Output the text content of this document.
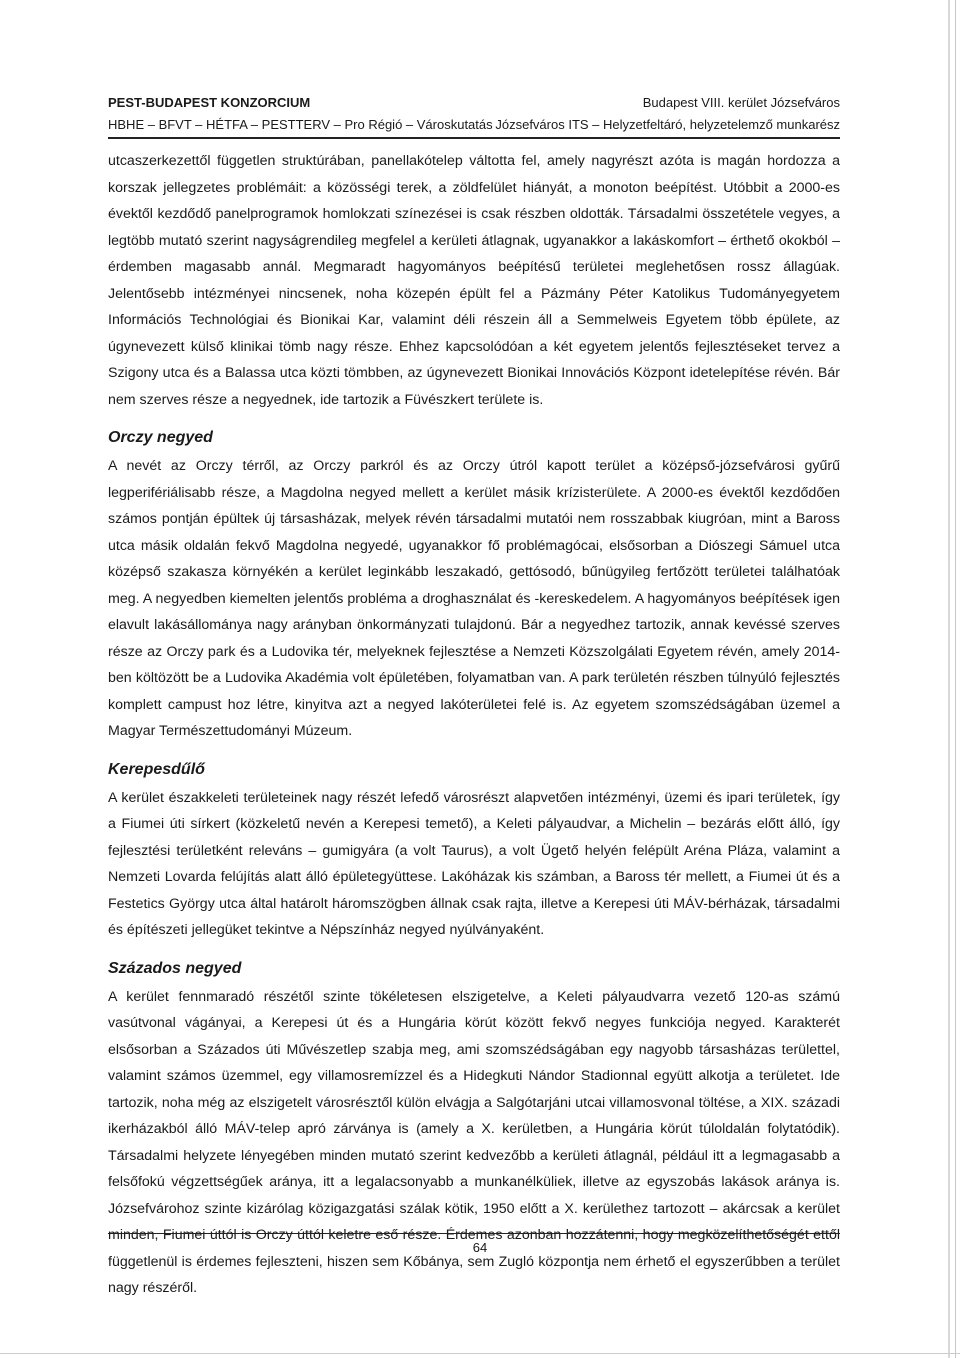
PEST-BUDAPEST KONZORCIUM
HBHE – BFVT – HÉTFA – PESTTERV – Pro Régió – Városkutatás
Budapest VIII. kerület Józsefváros
Józsefváros ITS – Helyzetfeltáró, helyzetelemző munkarész

utcaszerkezettől független struktúrában, panellakótelep váltotta fel, amely nagyrészt azóta is magán hordozza a korszak jellegzetes problémáit: a közösségi terek, a zöldfelület hiányát, a monoton beépítést. Utóbbit a 2000-es évektől kezdődő panelprogramok homlokzati színezései is csak részben oldották. Társadalmi összetétele vegyes, a legtöbb mutató szerint nagyságrendileg megfelel a kerületi átlagnak, ugyanakkor a lakáskomfort – érthető okokból – érdemben magasabb annál. Megmaradt hagyományos beépítésű területei meglehetősen rossz állagúak. Jelentősebb intézményei nincsenek, noha közepén épült fel a Pázmány Péter Katolikus Tudományegyetem Információs Technológiai és Bionikai Kar, valamint déli részein áll a Semmelweis Egyetem több épülete, az úgynevezett külső klinikai tömb nagy része. Ehhez kapcsolódóan a két egyetem jelentős fejlesztéseket tervez a Szigony utca és a Balassa utca közti tömbben, az úgynevezett Bionikai Innovációs Központ idetelepítése révén. Bár nem szerves része a negyednek, ide tartozik a Füvészkert területe is.

Orczy negyed

A nevét az Orczy térről, az Orczy parkról és az Orczy útról kapott terület a középső-józsefvárosi gyűrű legperifériálisabb része, a Magdolna negyed mellett a kerület másik krízisterülete. A 2000-es évektől kezdődően számos pontján épültek új társasházak, melyek révén társadalmi mutatói nem rosszabbak kiugróan, mint a Baross utca másik oldalán fekvő Magdolna negyedé, ugyanakkor fő problémagócai, elsősorban a Diószegi Sámuel utca középső szakasza környékén a kerület leginkább leszakadó, gettósodó, bűnügyileg fertőzött területei találhatóak meg. A negyedben kiemelten jelentős probléma a droghasználat és -kereskedelem. A hagyományos beépítések igen elavult lakásállománya nagy arányban önkormányzati tulajdonú. Bár a negyedhez tartozik, annak kevéssé szerves része az Orczy park és a Ludovika tér, melyeknek fejlesztése a Nemzeti Közszolgálati Egyetem révén, amely 2014-ben költözött be a Ludovika Akadémia volt épületében, folyamatban van. A park területén részben túlnyúló fejlesztés komplett campust hoz létre, kinyitva azt a negyed lakóterületei felé is. Az egyetem szomszédságában üzemel a Magyar Természettudományi Múzeum.

Kerepesdűlő

A kerület északkeleti területeinek nagy részét lefedő városrészt alapvetően intézményi, üzemi és ipari területek, így a Fiumei úti sírkert (közkeletű nevén a Kerepesi temető), a Keleti pályaudvar, a Michelin – bezárás előtt álló, így fejlesztési területként releváns – gumigyára (a volt Taurus), a volt Ügető helyén felépült Aréna Pláza, valamint a Nemzeti Lovarda felújítás alatt álló épületegyüttese. Lakóházak kis számban, a Baross tér mellett, a Fiumei út és a Festetics György utca által határolt háromszögben állnak csak rajta, illetve a Kerepesi úti MÁV-bérházak, társadalmi és építészeti jellegüket tekintve a Népszínház negyed nyúlványaként.

Százados negyed

A kerület fennmaradó részétől szinte tökéletesen elszigetelve, a Keleti pályaudvarra vezető 120-as számú vasútvonal vágányai, a Kerepesi út és a Hungária körút között fekvő negyes funkciója negyed. Karakterét elsősorban a Százados úti Művészetlep szabja meg, ami szomszédságában egy nagyobb társasházas területtel, valamint számos üzemmel, egy villamosremízzel és a Hidegkuti Nándor Stadionnal együtt alkotja a területet. Ide tartozik, noha még az elszigetelt városrésztől külön elvágja a Salgótarjáni utcai villamosvonal töltése, a XIX. századi ikerházakból álló MÁV-telep apró zárványa is (amely a X. kerületben, a Hungária körút túloldalán folytatódik). Társadalmi helyzete lényegében minden mutató szerint kedvezőbb a kerületi átlagnál, például itt a legmagasabb a felsőfokú végzettségűek aránya, itt a legalacsonyabb a munkanélküliek, illetve az egyszobás lakások aránya is. Józsefvárohoz szinte kizárólag közigazgatási szálak kötik, 1950 előtt a X. kerülethez tartozott – akárcsak a kerület minden, Fiumei úttól is Orczy úttól keletre eső része. Érdemes azonban hozzátenni, hogy megközelíthetőségét ettől függetlenül is érdemes fejleszteni, hiszen sem Kőbánya, sem Zugló központja nem érhető el egyszerűbben a terület nagy részéről.

64
